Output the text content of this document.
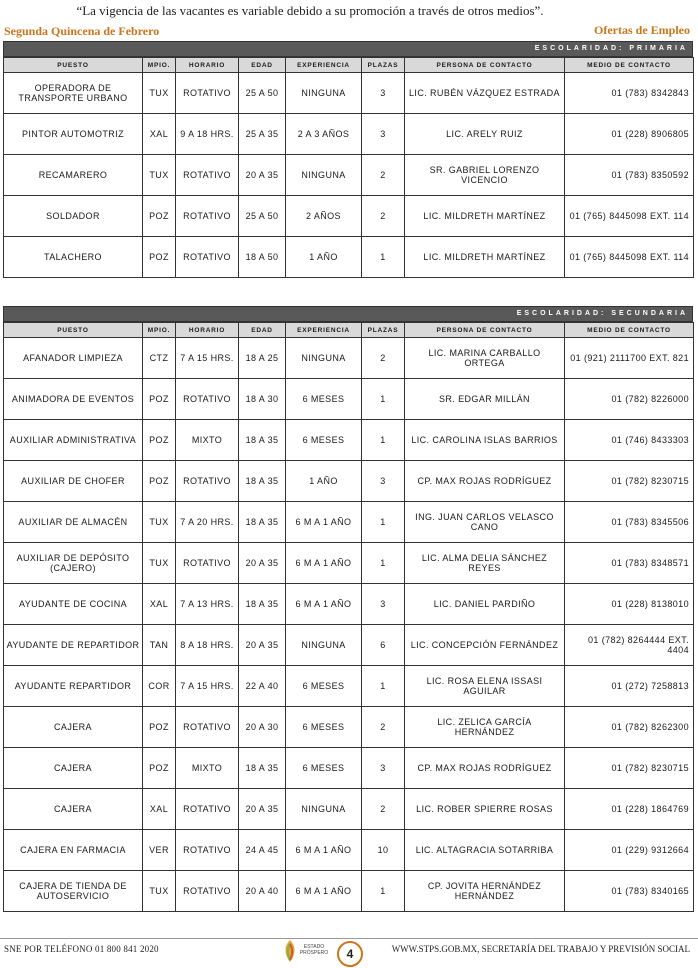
“La vigencia de las vacantes es variable debido a su promoción a través de otros medios”.
Segunda Quincena de Febrero	Ofertas de Empleo
ESCOLARIDAD: PRIMARIA
PUESTO	MPIO.	HORARIO	EDAD	EXPERIENCIA	PLAZAS	PERSONA DE CONTACTO	MEDIO DE CONTACTO
OPERADORA DE TRANSPORTE URBANO	TUX	ROTATIVO	25 A 50	NINGUNA	3	LIC. RUBÉN VÁZQUEZ ESTRADA	01 (783) 8342843
PINTOR AUTOMOTRIZ	XAL	9 A 18 HRS.	25 A 35	2 A 3 AÑOS	3	LIC. ARELY RUIZ	01 (228) 8906805
RECAMARERO	TUX	ROTATIVO	20 A 35	NINGUNA	2	SR. GABRIEL LORENZO VICENCIO	01 (783) 8350592
SOLDADOR	POZ	ROTATIVO	25 A 50	2 AÑOS	2	LIC. MILDRETH MARTÍNEZ	01 (765) 8445098 EXT. 114
TALACHERO	POZ	ROTATIVO	18 A 50	1 AÑO	1	LIC. MILDRETH MARTÍNEZ	01 (765) 8445098 EXT. 114
ESCOLARIDAD: SECUNDARIA
PUESTO	MPIO.	HORARIO	EDAD	EXPERIENCIA	PLAZAS	PERSONA DE CONTACTO	MEDIO DE CONTACTO
AFANADOR LIMPIEZA	CTZ	7 A 15 HRS.	18 A 25	NINGUNA	2	LIC. MARINA CARBALLO ORTEGA	01 (921) 2111700 EXT. 821
ANIMADORA DE EVENTOS	POZ	ROTATIVO	18 A 30	6 MESES	1	SR. EDGAR MILLÁN	01 (782) 8226000
AUXILIAR ADMINISTRATIVA	POZ	MIXTO	18 A 35	6 MESES	1	LIC. CAROLINA ISLAS BARRIOS	01 (746) 8433303
AUXILIAR DE CHOFER	POZ	ROTATIVO	18 A 35	1 AÑO	3	CP. MAX ROJAS RODRÍGUEZ	01 (782) 8230715
AUXILIAR DE ALMACÉN	TUX	7 A 20 HRS.	18 A 35	6 M A 1 AÑO	1	ING. JUAN CARLOS VELASCO CANO	01 (783) 8345506
AUXILIAR DE DEPÓSITO (CAJERO)	TUX	ROTATIVO	20 A 35	6 M A 1 AÑO	1	LIC. ALMA DELIA SÁNCHEZ REYES	01 (783) 8348571
AYUDANTE DE COCINA	XAL	7 A 13 HRS.	18 A 35	6 M A 1 AÑO	3	LIC. DANIEL PARDIÑO	01 (228) 8138010
AYUDANTE DE REPARTIDOR	TAN	8 A 18 HRS.	20 A 35	NINGUNA	6	LIC. CONCEPCIÓN FERNÁNDEZ	01 (782) 8264444 EXT. 4404
AYUDANTE REPARTIDOR	COR	7 A 15 HRS.	22 A 40	6 MESES	1	LIC. ROSA ELENA ISSASI AGUILAR	01 (272) 7258813
CAJERA	POZ	ROTATIVO	20 A 30	6 MESES	2	LIC. ZELICA GARCÍA HERNÁNDEZ	01 (782) 8262300
CAJERA	POZ	MIXTO	18 A 35	6 MESES	3	CP. MAX ROJAS RODRÍGUEZ	01 (782) 8230715
CAJERA	XAL	ROTATIVO	20 A 35	NINGUNA	2	LIC. ROBER SPIERRE ROSAS	01 (228) 1864769
CAJERA EN FARMACIA	VER	ROTATIVO	24 A 45	6 M A 1 AÑO	10	LIC. ALTAGRACIA SOTARRIBA	01 (229) 9312664
CAJERA DE TIENDA DE AUTOSERVICIO	TUX	ROTATIVO	20 A 40	6 M A 1 AÑO	1	CP. JOVITA HERNÁNDEZ HERNÁNDEZ	01 (783) 8340165
SNE POR TELÉFONO 01 800 841 2020	ESTADO PRÓSPERO	4	WWW.STPS.GOB.MX, SECRETARÍA DEL TRABAJO Y PREVISIÓN SOCIAL
